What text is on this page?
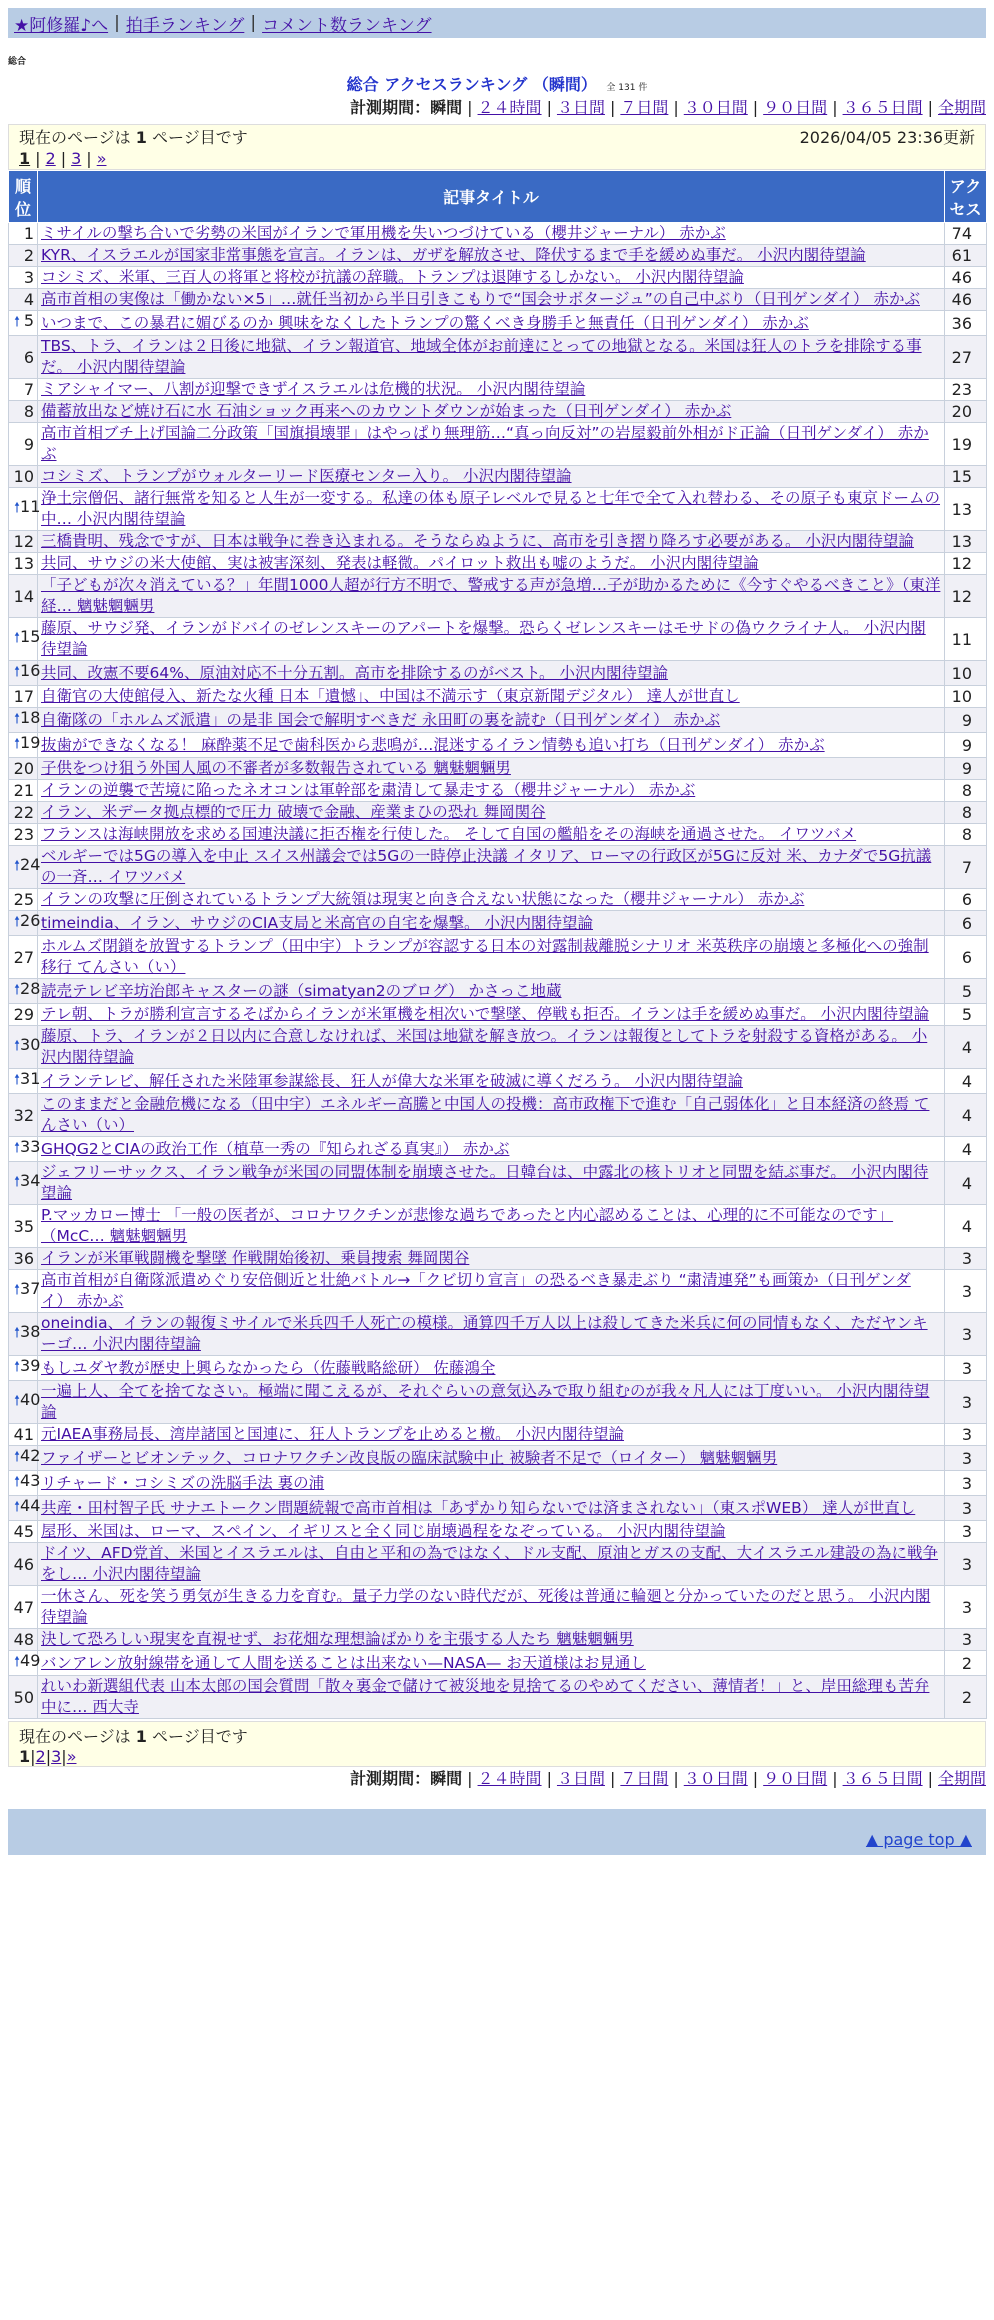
★阿修羅♪へ | 拍手ランキング | コメント数ランキング
総合
総合 アクセスランキング （瞬間） 全 131 件
計測期間：瞬間 | ２４時間 | ３日間 | ７日間 | ３０日間 | ９０日間 | ３６５日間 | 全期間
現在のページは 1 ページ目です	2026/04/05 23:36更新
1 | 2 | 3 | »
順位	記事タイトル	アクセス
1	ミサイルの撃ち合いで劣勢の米国がイランで軍用機を失いつづけている（櫻井ジャーナル） 赤かぶ	74
2	KYR、イスラエルが国家非常事態を宣言。イランは、ガザを解放させ、降伏するまで手を緩めぬ事だ。 小沢内閣待望論	61
3	コシミズ、米軍、三百人の将軍と将校が抗議の辞職。トランプは退陣するしかない。 小沢内閣待望論	46
4	高市首相の実像は「働かない×5」…就任当初から半日引きこもりで“国会サボタージュ”の自己中ぶり（日刊ゲンダイ） 赤かぶ	46

🠕 5	いつまで、この暴君に媚びるのか 興味をなくしたトランプの驚くべき身勝手と無責任（日刊ゲンダイ） 赤かぶ	36
6	TBS、トラ、イランは２日後に地獄、イラン報道官、地域全体がお前達にとっての地獄となる。米国は狂人のトラを排除する事だ。 小沢内閣待望論	27
7	ミアシャイマー、八割が迎撃できずイスラエルは危機的状況。 小沢内閣待望論	23
8	備蓄放出など焼け石に水 石油ショック再来へのカウントダウンが始まった（日刊ゲンダイ） 赤かぶ	20
9	高市首相ブチ上げ国論二分政策「国旗損壊罪」はやっぱり無理筋…“真っ向反対”の岩屋毅前外相がド正論（日刊ゲンダイ） 赤かぶ	19
10	コシミズ、トランプがウォルターリード医療センター入り。 小沢内閣待望論	15

🠕 11	浄土宗僧侶、諸行無常を知ると人生が一変する。私達の体も原子レベルで見ると七年で全て入れ替わる、その原子も東京ドームの中… 小沢内閣待望論	13
12	三橋貴明、残念ですが、日本は戦争に巻き込まれる。そうならぬように、高市を引き摺り降ろす必要がある。 小沢内閣待望論	13
13	共同、サウジの米大使館、実は被害深刻、発表は軽微。パイロット救出も嘘のようだ。 小沢内閣待望論	12
14	「子どもが次々消えている？」年間1000人超が行方不明で、警戒する声が急増…子が助かるために《今すぐやるべきこと》（東洋経… 魑魅魍魎男	12

🠕 15	藤原、サウジ発、イランがドバイのゼレンスキーのアパートを爆撃。恐らくゼレンスキーはモサドの偽ウクライナ人。 小沢内閣待望論	11

🠕 16	共同、改憲不要64%、原油対応不十分五割。高市を排除するのがベスト。 小沢内閣待望論	10
17	自衛官の大使館侵入、新たな火種 日本「遺憾」、中国は不満示す（東京新聞デジタル） 達人が世直し	10

🠕 18	自衛隊の「ホルムズ派遣」の是非 国会で解明すべきだ 永田町の裏を読む（日刊ゲンダイ） 赤かぶ	9

🠕 19	抜歯ができなくなる！ 麻酔薬不足で歯科医から悲鳴が…混迷するイラン情勢も追い打ち（日刊ゲンダイ） 赤かぶ	9
20	子供をつけ狙う外国人風の不審者が多数報告されている 魑魅魍魎男	9
21	イランの逆襲で苦境に陥ったネオコンは軍幹部を粛清して暴走する（櫻井ジャーナル） 赤かぶ	8
22	イラン、米データ拠点標的で圧力 破壊で金融、産業まひの恐れ 舞岡関谷	8
23	フランスは海峡開放を求める国連決議に拒否権を行使した。 そして自国の艦船をその海峡を通過させた。 イワツバメ	8

🠕 24	ベルギーでは5Gの導入を中止 スイス州議会では5Gの一時停止決議 イタリア、ローマの行政区が5Gに反対 米、カナダで5G抗議の一斉… イワツバメ	7
25	イランの攻撃に圧倒されているトランプ大統領は現実と向き合えない状態になった（櫻井ジャーナル） 赤かぶ	6

🠕 26	timeindia、イラン、サウジのCIA支局と米高官の自宅を爆撃。 小沢内閣待望論	6
27	ホルムズ閉鎖を放置するトランプ（田中宇）トランプが容認する日本の対露制裁離脱シナリオ 米英秩序の崩壊と多極化への強制移行 てんさい（い）	6

🠕 28	読売テレビ辛坊治郎キャスターの謎（simatyan2のブログ） かさっこ地蔵	5
29	テレ朝、トラが勝利宣言するそばからイランが米軍機を相次いで撃墜、停戦も拒否。イランは手を緩めぬ事だ。 小沢内閣待望論	5

🠕 30	藤原、トラ、イランが２日以内に合意しなければ、米国は地獄を解き放つ。イランは報復としてトラを射殺する資格がある。 小沢内閣待望論	4

🠕 31	イランテレビ、解任された米陸軍参謀総長、狂人が偉大な米軍を破滅に導くだろう。 小沢内閣待望論	4
32	このままだと金融危機になる（田中宇）エネルギー高騰と中国人の投機：高市政権下で進む「自己弱体化」と日本経済の終焉 てんさい（い）	4

🠕 33	GHQG2とCIAの政治工作（植草一秀の『知られざる真実』） 赤かぶ	4

🠕 34	ジェフリーサックス、イラン戦争が米国の同盟体制を崩壊させた。日韓台は、中露北の核トリオと同盟を結ぶ事だ。 小沢内閣待望論	4
35	P.マッカロー博士 「一般の医者が、コロナワクチンが悲惨な過ちであったと内心認めることは、心理的に不可能なのです」（McC… 魑魅魍魎男	4
36	イランが米軍戦闘機を撃墜 作戦開始後初、乗員捜索 舞岡関谷	3

🠕 37	高市首相が自衛隊派遣めぐり安倍側近と壮絶バトル→「クビ切り宣言」の恐るべき暴走ぶり “粛清連発”も画策か（日刊ゲンダイ） 赤かぶ	3

🠕 38	oneindia、イランの報復ミサイルで米兵四千人死亡の模様。通算四千万人以上は殺してきた米兵に何の同情もなく、ただヤンキーゴ… 小沢内閣待望論	3

🠕 39	もしユダヤ教が歴史上興らなかったら（佐藤戦略総研） 佐藤鴻全	3

🠕 40	一遍上人、全てを捨てなさい。極端に聞こえるが、それぐらいの意気込みで取り組むのが我々凡人には丁度いい。 小沢内閣待望論	3
41	元IAEA事務局長、湾岸諸国と国連に、狂人トランプを止めると檄。 小沢内閣待望論	3

🠕 42	ファイザーとビオンテック、コロナワクチン改良版の臨床試験中止 被験者不足で（ロイター） 魑魅魍魎男	3

🠕 43	リチャード・コシミズの洗脳手法 裏の浦	3

🠕 44	共産・田村智子氏 サナエトークン問題続報で高市首相は「あずかり知らないでは済まされない」（東スポWEB） 達人が世直し	3
45	屋形、米国は、ローマ、スペイン、イギリスと全く同じ崩壊過程をなぞっている。 小沢内閣待望論	3
46	ドイツ、AFD党首、米国とイスラエルは、自由と平和の為ではなく、ドル支配、原油とガスの支配、大イスラエル建設の為に戦争をし… 小沢内閣待望論	3
47	一休さん、死を笑う勇気が生きる力を育む。量子力学のない時代だが、死後は普通に輪廻と分かっていたのだと思う。 小沢内閣待望論	3
48	決して恐ろしい現実を直視せず、お花畑な理想論ばかりを主張する人たち 魑魅魍魎男	3

🠕 49	バンアレン放射線帯を通して人間を送ることは出来ない—NASA— お天道様はお見通し	2
50	れいわ新選組代表 山本太郎の国会質問「散々裏金で儲けて被災地を見捨てるのやめてください、薄情者！」と、岸田総理も苦弁中に… 西大寺	2
現在のページは 1 ページ目です
1|2|3|»
計測期間：瞬間 | ２４時間 | ３日間 | ７日間 | ３０日間 | ９０日間 | ３６５日間 | 全期間
▲ page top ▲
